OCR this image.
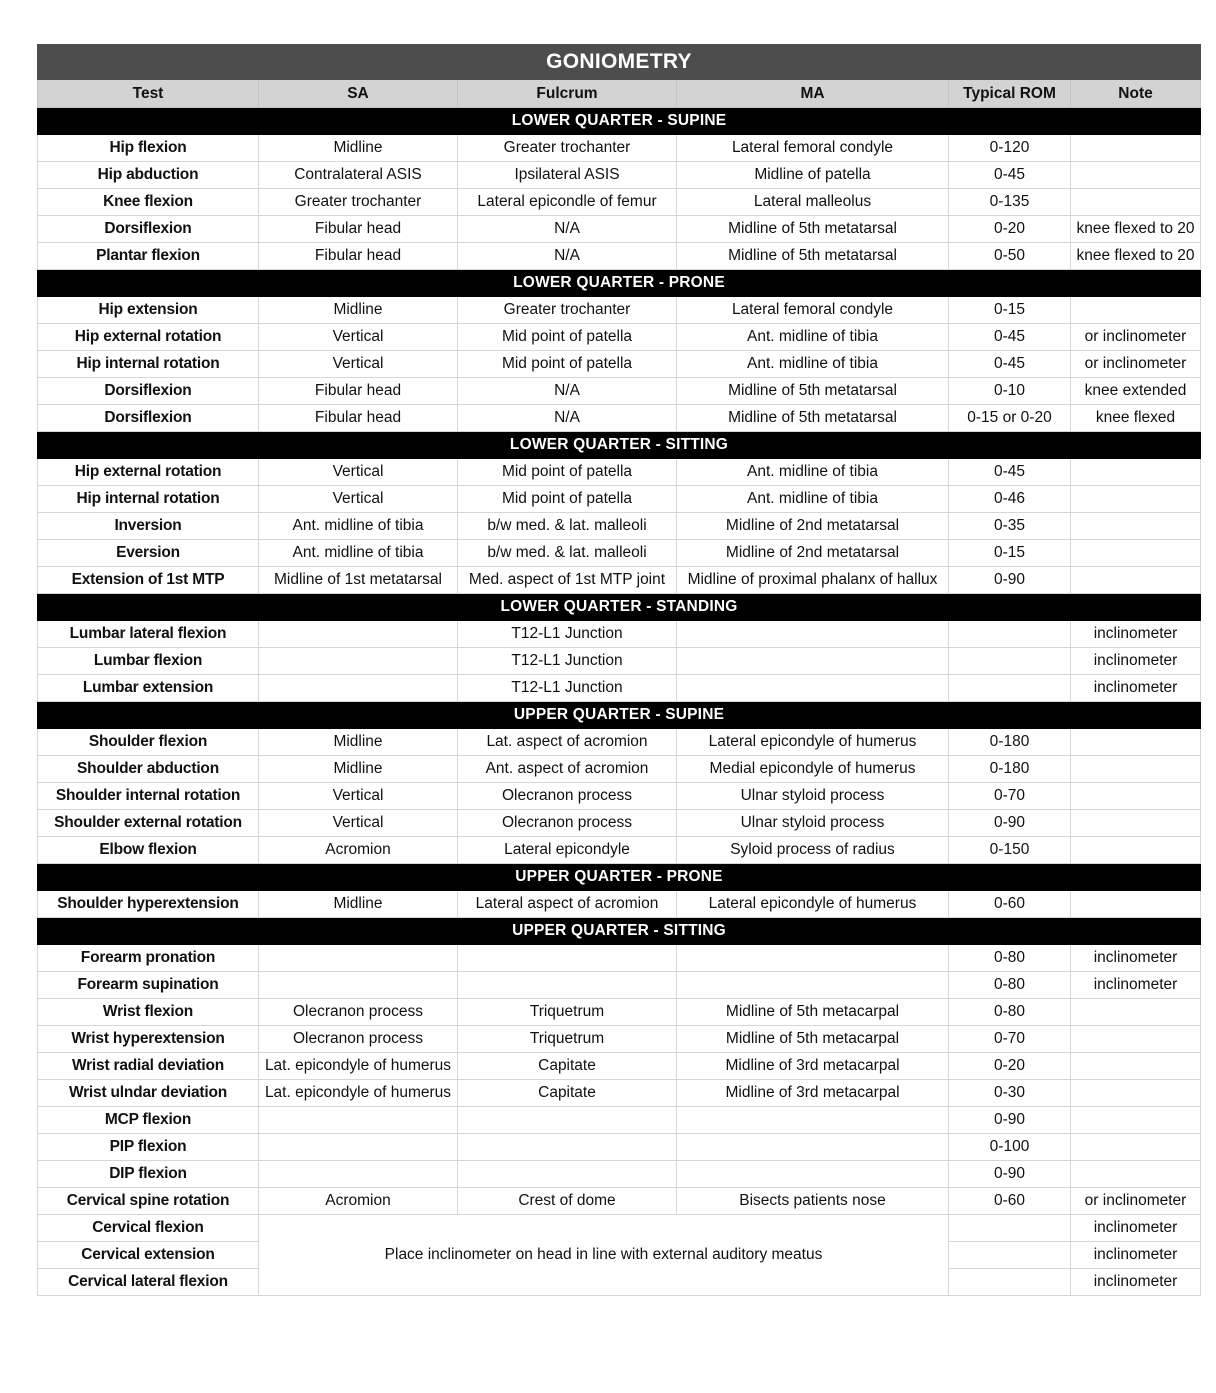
GONIOMETRY					
Test	SA	Fulcrum	MA	Typical ROM	Note
LOWER QUARTER - SUPINE					
Hip flexion	Midline	Greater trochanter	Lateral femoral condyle	0-120	
Hip abduction	Contralateral ASIS	Ipsilateral ASIS	Midline of patella	0-45	
Knee flexion	Greater trochanter	Lateral epicondle of femur	Lateral malleolus	0-135	
Dorsiflexion	Fibular head	N/A	Midline of 5th metatarsal	0-20	knee flexed to 20
Plantar flexion	Fibular head	N/A	Midline of 5th metatarsal	0-50	knee flexed to 20
LOWER QUARTER - PRONE					
Hip extension	Midline	Greater trochanter	Lateral femoral condyle	0-15	
Hip external rotation	Vertical	Mid point of patella	Ant. midline of tibia	0-45	or inclinometer
Hip internal rotation	Vertical	Mid point of patella	Ant. midline of tibia	0-45	or inclinometer
Dorsiflexion	Fibular head	N/A	Midline of 5th metatarsal	0-10	knee extended
Dorsiflexion	Fibular head	N/A	Midline of 5th metatarsal	0-15 or 0-20	knee flexed
LOWER QUARTER - SITTING					
Hip external rotation	Vertical	Mid point of patella	Ant. midline of tibia	0-45	
Hip internal rotation	Vertical	Mid point of patella	Ant. midline of tibia	0-46	
Inversion	Ant. midline of tibia	b/w med. & lat. malleoli	Midline of 2nd metatarsal	0-35	
Eversion	Ant. midline of tibia	b/w med. & lat. malleoli	Midline of 2nd metatarsal	0-15	
Extension of 1st MTP	Midline of 1st metatarsal	Med. aspect of 1st MTP joint	Midline of proximal phalanx of hallux	0-90	
LOWER QUARTER - STANDING					
Lumbar lateral flexion		T12-L1 Junction			inclinometer
Lumbar flexion		T12-L1 Junction			inclinometer
Lumbar extension		T12-L1 Junction			inclinometer
UPPER QUARTER - SUPINE					
Shoulder flexion	Midline	Lat. aspect of acromion	Lateral epicondyle of humerus	0-180	
Shoulder abduction	Midline	Ant. aspect of acromion	Medial epicondyle of humerus	0-180	
Shoulder internal rotation	Vertical	Olecranon process	Ulnar styloid process	0-70	
Shoulder external rotation	Vertical	Olecranon process	Ulnar styloid process	0-90	
Elbow flexion	Acromion	Lateral epicondyle	Syloid process of radius	0-150	
UPPER QUARTER - PRONE					
Shoulder hyperextension	Midline	Lateral aspect of acromion	Lateral epicondyle of humerus	0-60	
UPPER QUARTER - SITTING					
Forearm pronation				0-80	inclinometer
Forearm supination				0-80	inclinometer
Wrist flexion	Olecranon process	Triquetrum	Midline of 5th metacarpal	0-80	
Wrist hyperextension	Olecranon process	Triquetrum	Midline of 5th metacarpal	0-70	
Wrist radial deviation	Lat. epicondyle of humerus	Capitate	Midline of 3rd metacarpal	0-20	
Wrist ulndar deviation	Lat. epicondyle of humerus	Capitate	Midline of 3rd metacarpal	0-30	
MCP flexion				0-90	
PIP flexion				0-100	
DIP flexion				0-90	
Cervical spine rotation	Acromion	Crest of dome	Bisects patients nose	0-60	or inclinometer
Cervical flexion	Place inclinometer on head in line with external auditory meatus				inclinometer
Cervical extension					inclinometer
Cervical lateral flexion					inclinometer
